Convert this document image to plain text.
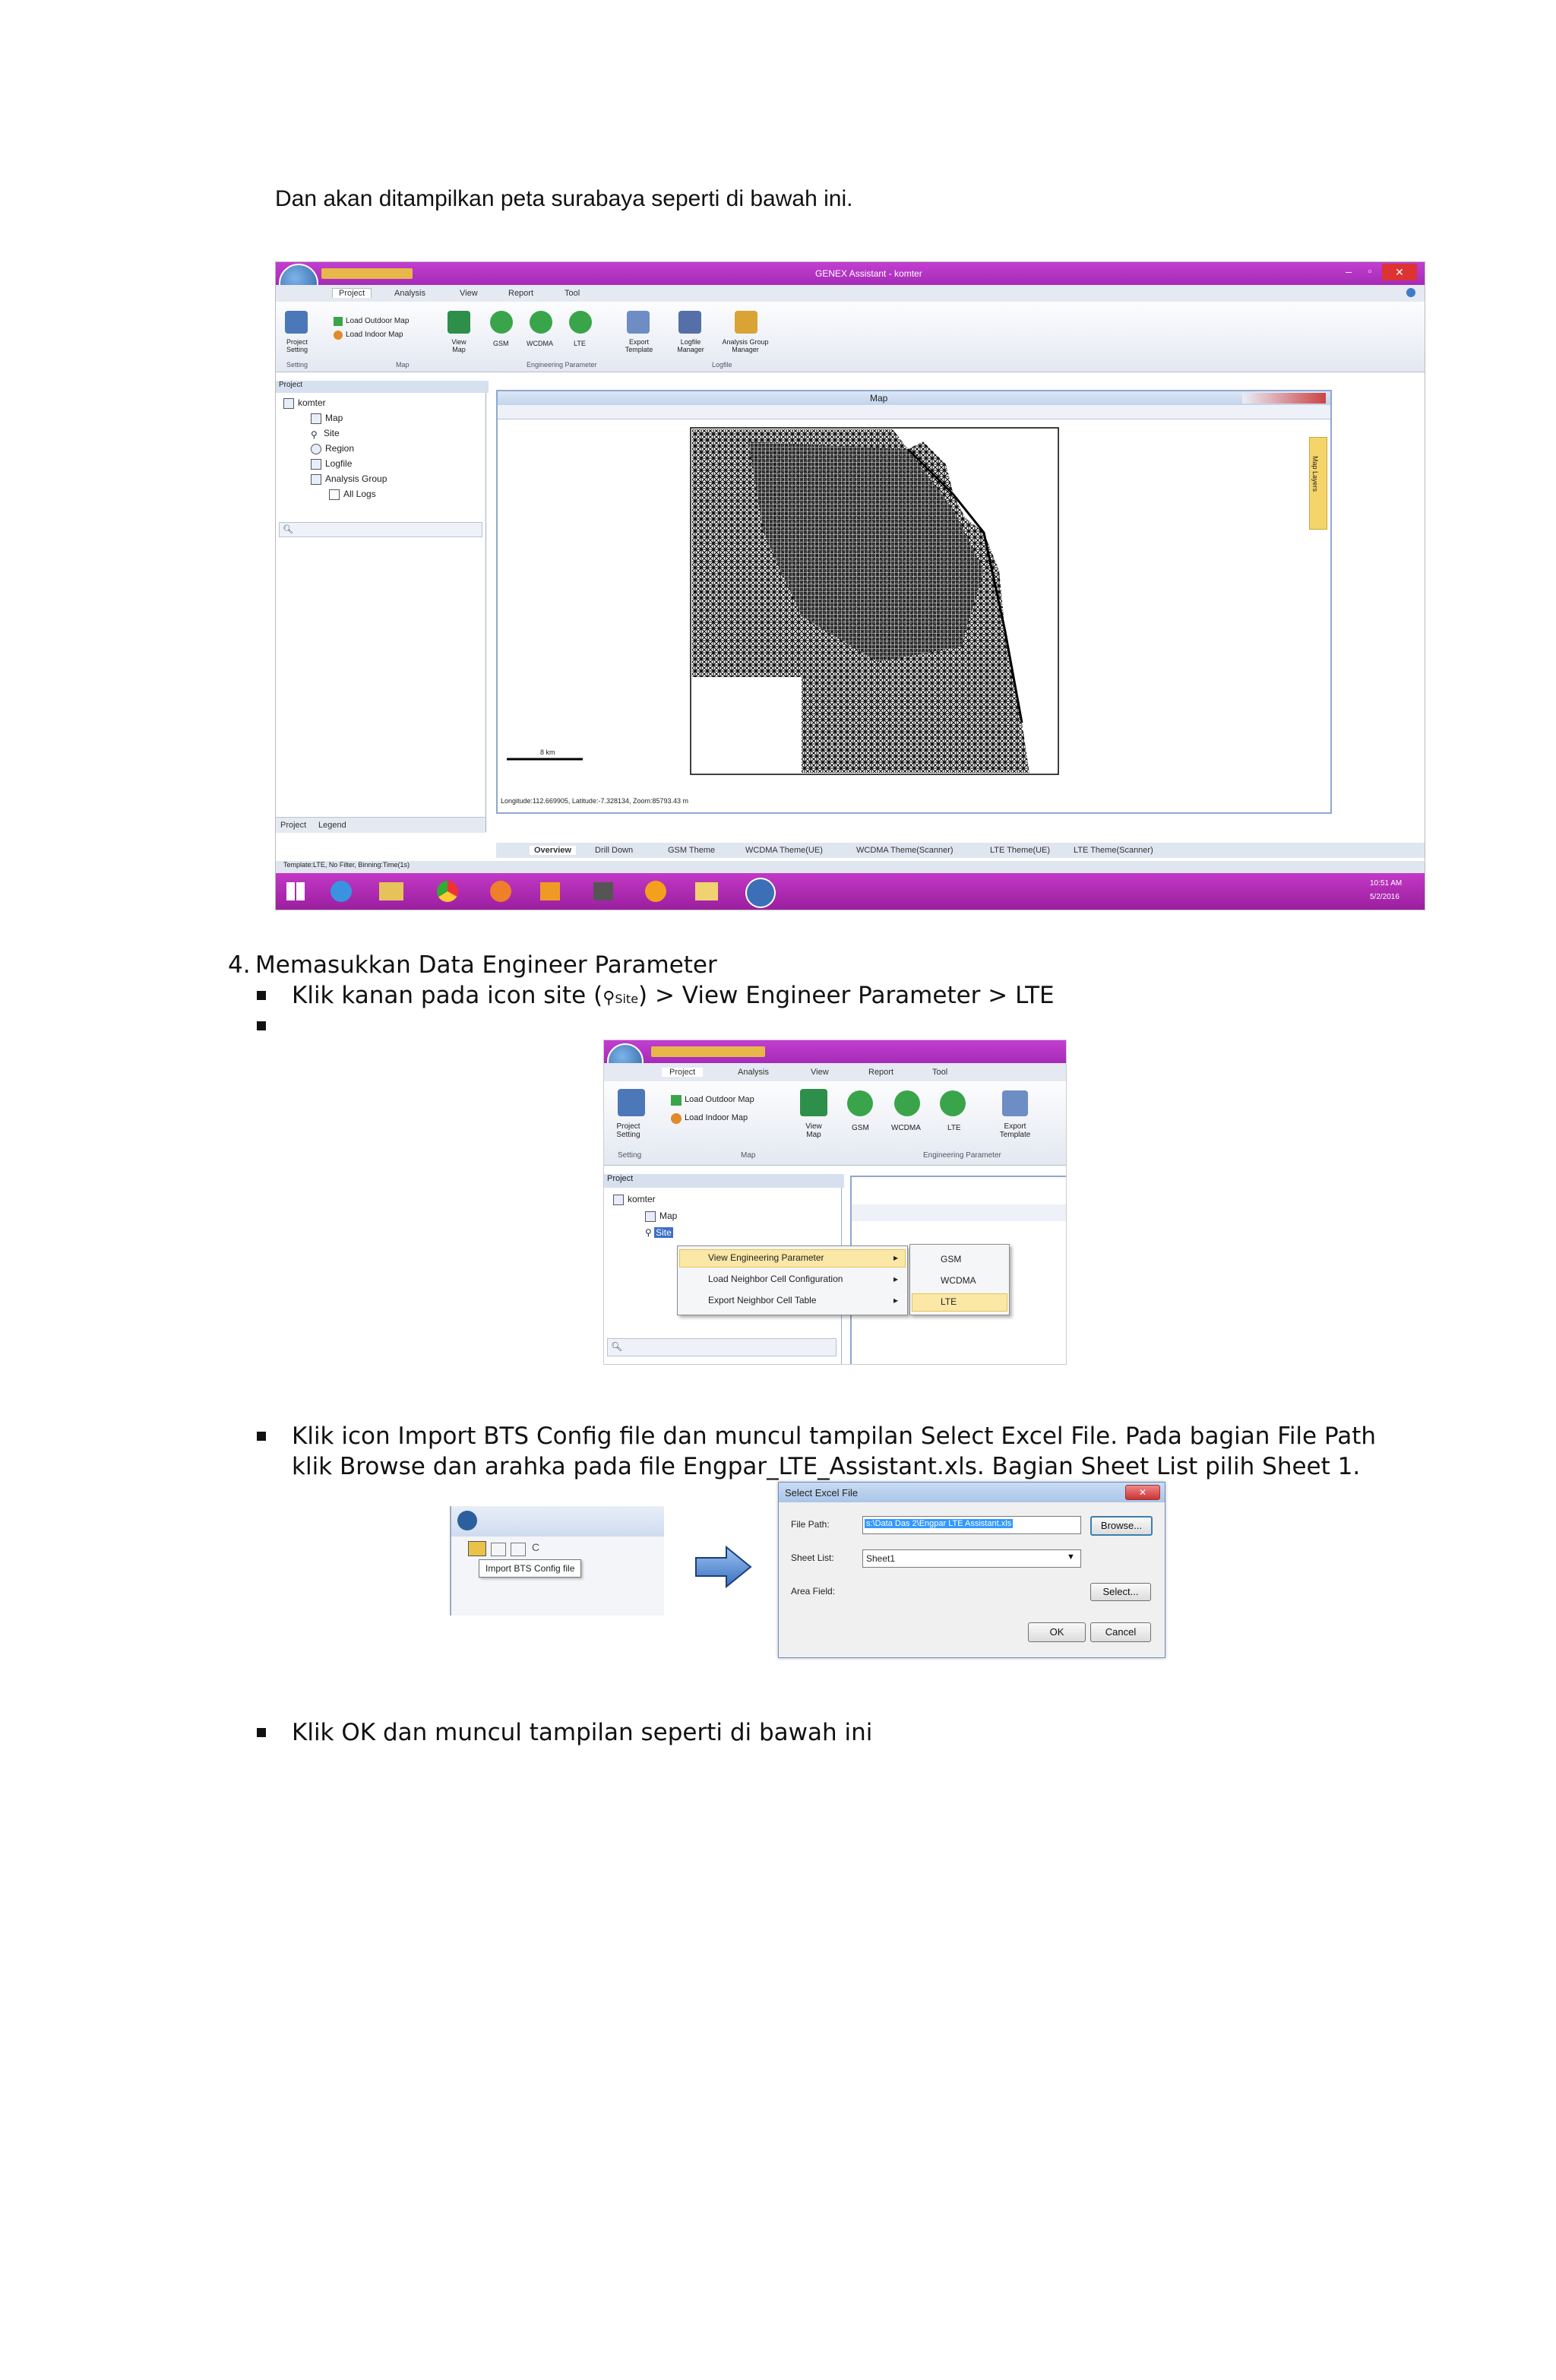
Dan akan ditampilkan peta surabaya seperti di bawah ini.
GENEX Assistant - komter	–	▫	✕
Project	Analysis	View	Report	Tool
Project Setting
Load Outdoor Map
Load Indoor Map
View Map
GSM	WCDMA	LTE	Export Template
Logfile Manager
Analysis Group Manager
Setting	Map	Engineering Parameter	Logfile
Project
komter
Map
⚲ Site
Region
Logfile
Analysis Group
All Logs
🔍︎
Project Legend
Map
8 km
Map Layers
Longitude:112.669905, Latitude:-7.328134, Zoom:85793.43 m
Overview	Drill Down	GSM Theme	WCDMA Theme(UE)	WCDMA Theme(Scanner)	LTE Theme(UE)	LTE Theme(Scanner)
Template:LTE, No Filter, Binning:Time(1s)
10:51 AM
5/2/2016
4. Memasukkan Data Engineer Parameter
Klik kanan pada icon site (⚲Site) > View Engineer Parameter > LTE
Project	Analysis	View	Report	Tool
Project Setting
Load Outdoor Map
Load Indoor Map
View Map
GSM	WCDMA	LTE	Export Template
Setting	Map	Engineering Parameter
Project
komter
Map
⚲ Site
🔍︎
View Engineering Parameter	▸
Load Neighbor Cell Configuration	▸
Export Neighbor Cell Table	▸
GSM
WCDMA
LTE
Klik icon Import BTS Config file dan muncul tampilan Select Excel File. Pada bagian File Path
klik Browse dan arahka pada file Engpar_LTE_Assistant.xls. Bagian Sheet List pilih Sheet 1.
C
Import BTS Config file
Select Excel File	✕
File Path:	s:\Data Das 2\Engpar LTE Assistant.xls	Browse...
Sheet List:	Sheet1	▼
Area Field:	Select...
OK	Cancel
Klik OK dan muncul tampilan seperti di bawah ini
